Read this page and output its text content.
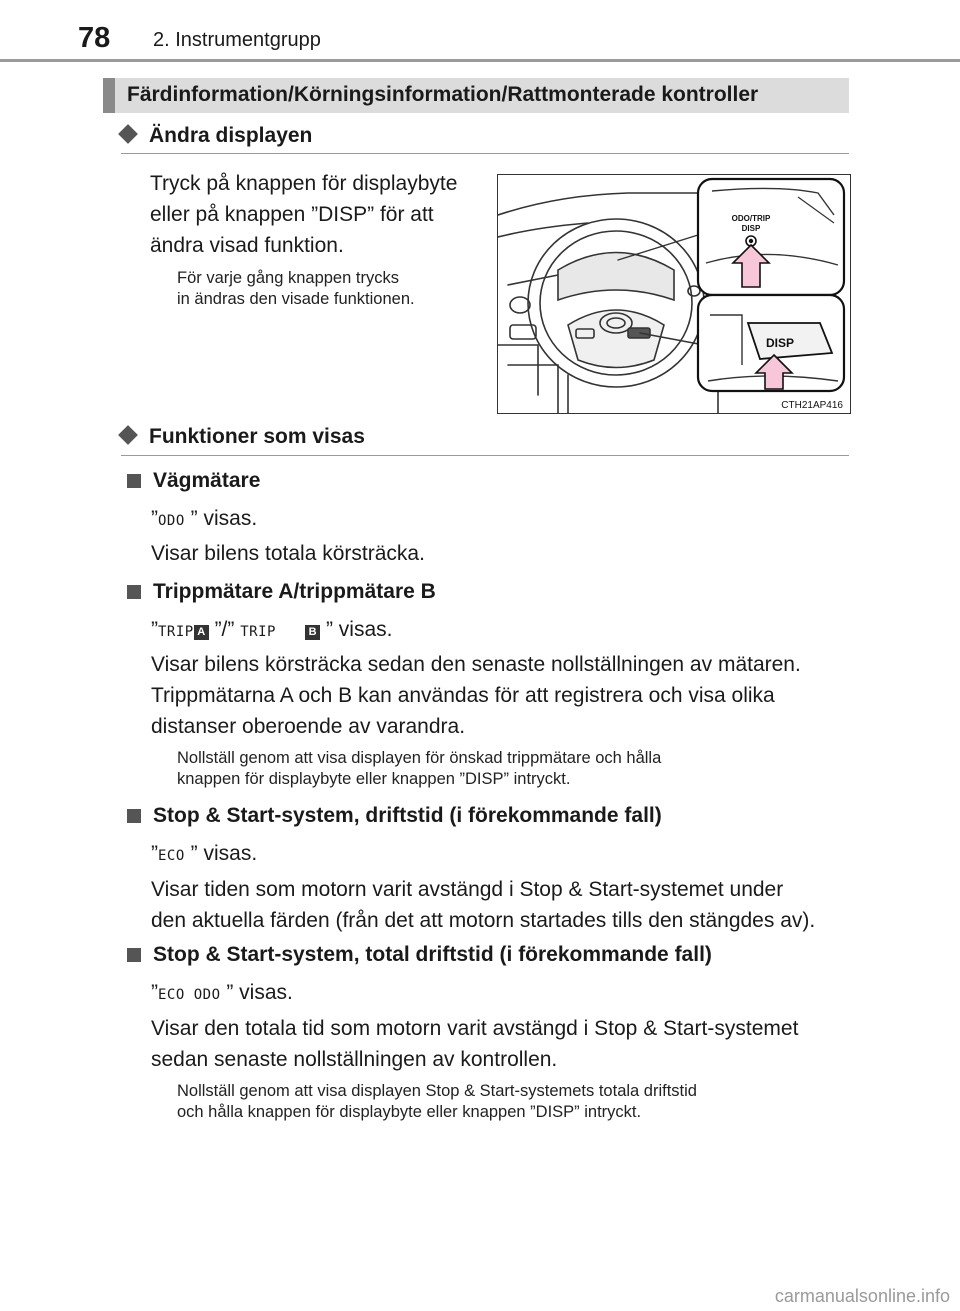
78 2. Instrumentgrupp
Färdinformation/Körningsinformation/Rattmonterade kontroller
Ändra displayen
Tryck på knappen för displaybyte
eller på knappen ”DISP” för att
ändra visad funktion.
För varje gång knappen trycks
in ändras den visade funktionen.
ODO/TRIP
DISP
DISP
CTH21AP416
Funktioner som visas
Vägmätare
”ODO ” visas.
Visar bilens totala körsträcka.
Trippmätare A/trippmätare B
”TRIP A ”/” TRIP	B ” visas.
Visar bilens körsträcka sedan den senaste nollställningen av mätaren.
Trippmätarna A och B kan användas för att registrera och visa olika
distanser oberoende av varandra.
Nollställ genom att visa displayen för önskad trippmätare och hålla
knappen för displaybyte eller knappen ”DISP” intryckt.
Stop & Start-system, driftstid (i förekommande fall)
”ECO ” visas.
Visar tiden som motorn varit avstängd i Stop & Start-systemet under
den aktuella färden (från det att motorn startades tills den stängdes av).
Stop & Start-system, total driftstid (i förekommande fall)
”ECO ODO ” visas.
Visar den totala tid som motorn varit avstängd i Stop & Start-systemet
sedan senaste nollställningen av kontrollen.
Nollställ genom att visa displayen Stop & Start-systemets totala driftstid
och hålla knappen för displaybyte eller knappen ”DISP” intryckt.
carmanualsonline.info
